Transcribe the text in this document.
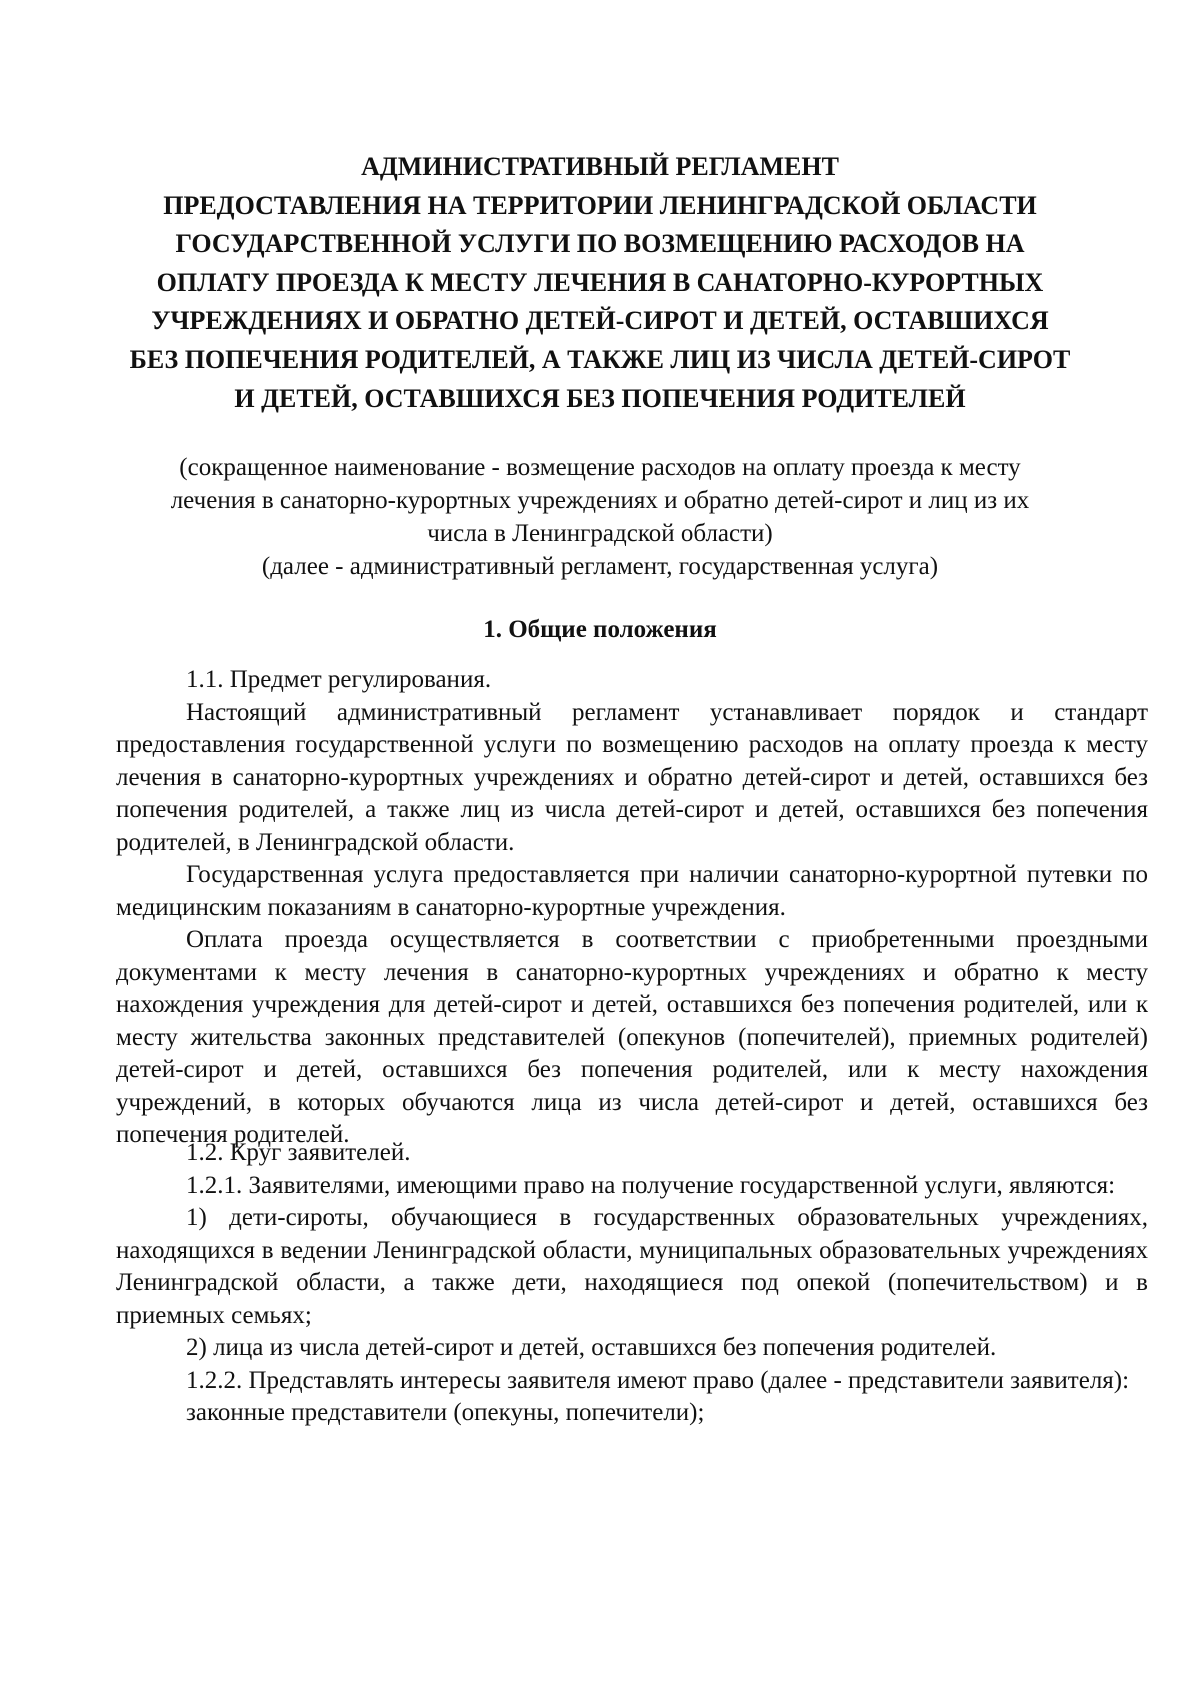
АДМИНИСТРАТИВНЫЙ РЕГЛАМЕНТ
ПРЕДОСТАВЛЕНИЯ НА ТЕРРИТОРИИ ЛЕНИНГРАДСКОЙ ОБЛАСТИ
ГОСУДАРСТВЕННОЙ УСЛУГИ ПО ВОЗМЕЩЕНИЮ РАСХОДОВ НА
ОПЛАТУ ПРОЕЗДА К МЕСТУ ЛЕЧЕНИЯ В САНАТОРНО-КУРОРТНЫХ
УЧРЕЖДЕНИЯХ И ОБРАТНО ДЕТЕЙ-СИРОТ И ДЕТЕЙ, ОСТАВШИХСЯ
БЕЗ ПОПЕЧЕНИЯ РОДИТЕЛЕЙ, А ТАКЖЕ ЛИЦ ИЗ ЧИСЛА ДЕТЕЙ-СИРОТ
И ДЕТЕЙ, ОСТАВШИХСЯ БЕЗ ПОПЕЧЕНИЯ РОДИТЕЛЕЙ
(сокращенное наименование - возмещение расходов на оплату проезда к месту
лечения в санаторно-курортных учреждениях и обратно детей-сирот и лиц из их
числа в Ленинградской области)
(далее - административный регламент, государственная услуга)
1. Общие положения

1.1. Предмет регулирования.

Настоящий административный регламент устанавливает порядок и стандарт предоставления государственной услуги по возмещению расходов на оплату проезда к месту лечения в санаторно-курортных учреждениях и обратно детей-сирот и детей, оставшихся без попечения родителей, а также лиц из числа детей-сирот и детей, оставшихся без попечения родителей, в Ленинградской области.

Государственная услуга предоставляется при наличии санаторно-курортной путевки по медицинским показаниям в санаторно-курортные учреждения.

Оплата проезда осуществляется в соответствии с приобретенными проездными документами к месту лечения в санаторно-курортных учреждениях и обратно к месту нахождения учреждения для детей-сирот и детей, оставшихся без попечения родителей, или к месту жительства законных представителей (опекунов (попечителей), приемных родителей) детей-сирот и детей, оставшихся без попечения родителей, или к месту нахождения учреждений, в которых обучаются лица из числа детей-сирот и детей, оставшихся без попечения родителей.

1.2. Круг заявителей.

1.2.1. Заявителями, имеющими право на получение государственной услуги, являются:

1) дети-сироты, обучающиеся в государственных образовательных учреждениях, находящихся в ведении Ленинградской области, муниципальных образовательных учреждениях Ленинградской области, а также дети, находящиеся под опекой (попечительством) и в приемных семьях;

2) лица из числа детей-сирот и детей, оставшихся без попечения родителей.

1.2.2. Представлять интересы заявителя имеют право (далее - представители заявителя):

законные представители (опекуны, попечители);
